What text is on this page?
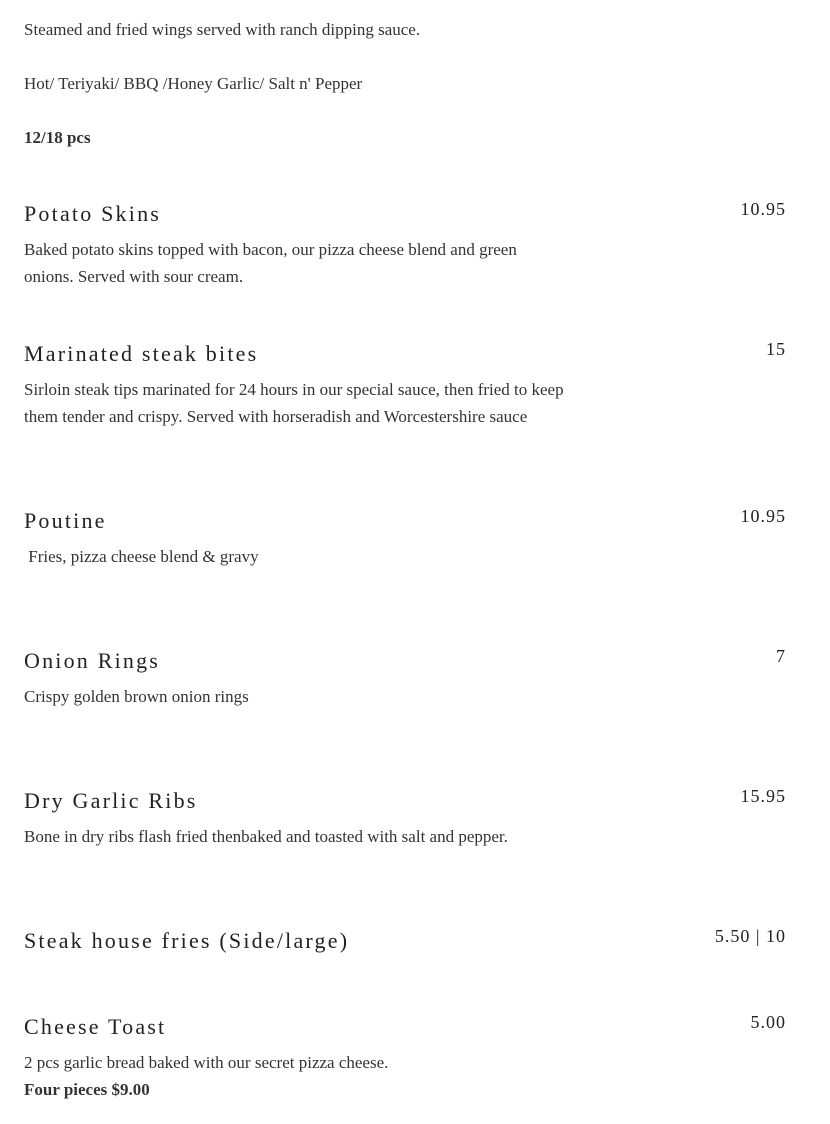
Steamed and fried wings served with ranch dipping sauce.

Hot/ Teriyaki/ BBQ /Honey Garlic/ Salt n' Pepper

12/18 pcs

Potato Skins	10.95
Baked potato skins topped with bacon, our pizza cheese blend and green onions. Served with sour cream.
Marinated steak bites	15
Sirloin steak tips marinated for 24 hours in our special sauce, then fried to keep them tender and crispy. Served with horseradish and Worcestershire sauce
Poutine	10.95
Fries, pizza cheese blend & gravy
Onion Rings	7
Crispy golden brown onion rings
Dry Garlic Ribs	15.95
Bone in dry ribs flash fried thenbaked and toasted with salt and pepper.
Steak house fries (Side/large)	5.50 | 10
Cheese Toast	5.00
2 pcs garlic bread baked with our secret pizza cheese.
Four pieces $9.00
